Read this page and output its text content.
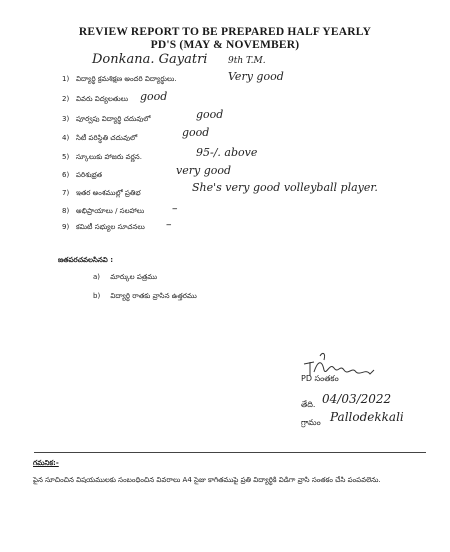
REVIEW REPORT TO BE PREPARED HALF YEARLY
PD'S (MAY & NOVEMBER)
Donkana. Gayatri 9th T.M.
1) విద్యార్థి క్రమశిక్షణ అందరి విద్యార్థులు.	Very good
2) వివరు విద్యలతులు good
3) పూర్వపు విద్యార్థి చదువులో	good
4) సిటీ పరిస్థితి చదువులో	good
5) స్కూలుకు హాజరు వర్ణన.	95-/. above
6) పరిశుభ్రత	very good
7) ఇతర అంశముల్లో ప్రతిభ	She's very good volleyball player.
8) అభిప్రాయాలు / సలహాలు	–
9) కమిటీ సభ్యుల సూచనలు –
జతపరచవలసినవి :
a) మార్కుల పత్రము
b) విద్యార్థి రాతకు వ్రాసిన ఉత్తరము
PD సంతకం
తేది. 04/03/2022
గ్రామం Pallodekkali
గమనిక:-
పైన సూచించిన విషయములకు సంబంధించిన వివరాలు A4 సైజు కాగితముపై ప్రతి విద్యార్థికి విడిగా వ్రాసి సంతకం చేసి పంపవలెను.
